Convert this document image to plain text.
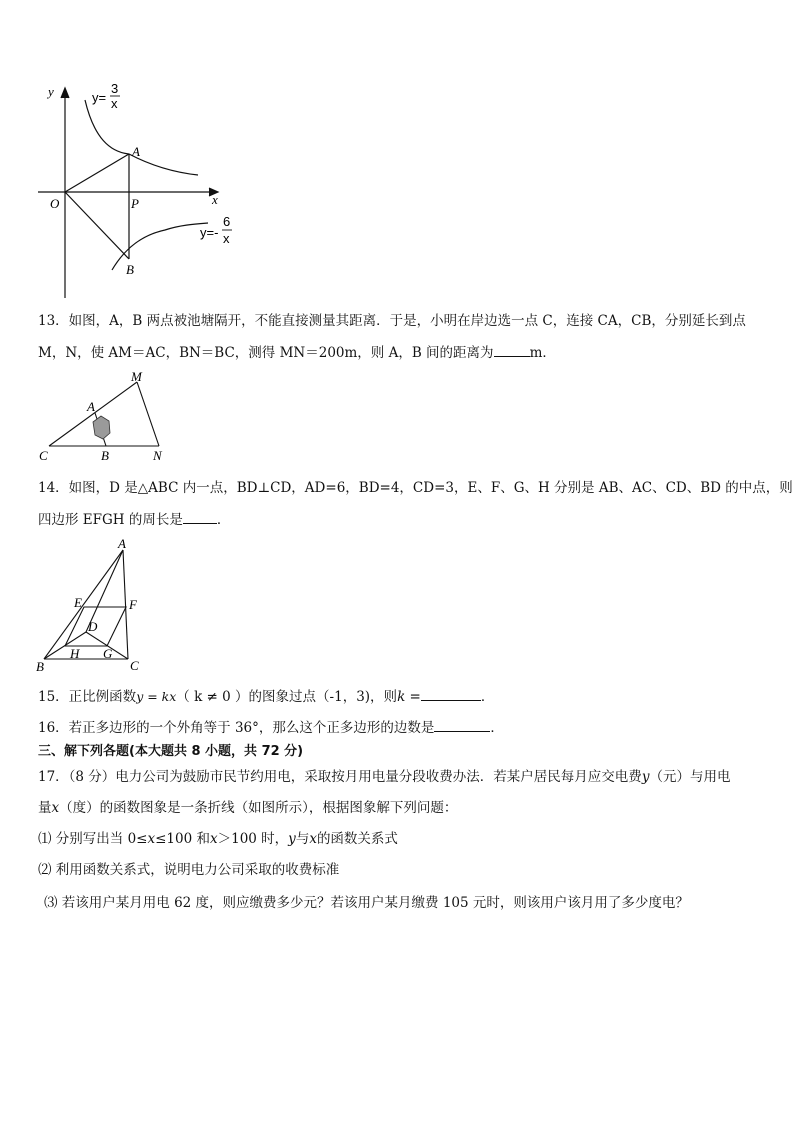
y
x
O
A
P
B
y=
3
x
y=-
6
x
13．如图，A，B 两点被池塘隔开，不能直接测量其距离．于是，小明在岸边选一点 C，连接 CA，CB，分别延长到点
M，N，使 AM＝AC，BN＝BC，测得 MN＝200m，则 A，B 间的距离为	m．
M
A
C	B	N
14．如图，D 是△ABC 内一点，BD⊥CD，AD=6，BD=4，CD=3，E、F、G、H 分别是 AB、AC、CD、BD 的中点，则
四边形 EFGH 的周长是	．
A
E	F
D
B
H G
C
15．正比例函数y = kx（ k ≠ 0 ）的图象过点（-1，3)，则k =	．
16．若正多边形的一个外角等于 36°，那么这个正多边形的边数是	．
三、解下列各题(本大题共 8 小题，共 72 分)
17．（8 分）电力公司为鼓励市民节约用电，采取按月用电量分段收费办法．若某户居民每月应交电费y（元）与用电
量x（度）的函数图象是一条折线（如图所示），根据图象解下列问题：
⑴ 分别写出当 0≤x≤100 和x＞100 时，y与x的函数关系式
⑵ 利用函数关系式，说明电力公司采取的收费标准
⑶ 若该用户某月用电 62 度，则应缴费多少元？若该用户某月缴费 105 元时，则该用户该月用了多少度电？
